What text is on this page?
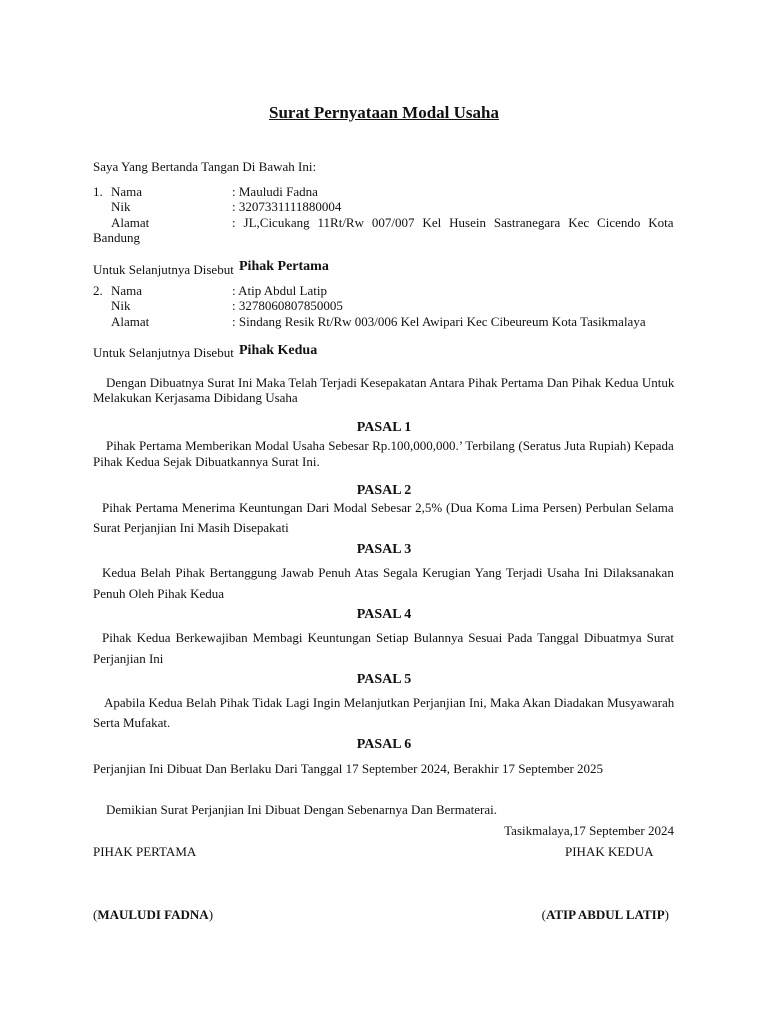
Surat Pernyataan Modal Usaha
Saya Yang Bertanda Tangan Di Bawah Ini:
1. Nama	: Mauludi Fadna
Nik	: 3207331111880004
Alamat	: JL,Cicukang 11Rt/Rw 007/007 Kel Husein Sastranegara Kec Cicendo Kota
Bandung
Untuk Selanjutnya Disebut Pihak Pertama
2. Nama	: Atip Abdul Latip
Nik	: 3278060807850005
Alamat	: Sindang Resik Rt/Rw 003/006 Kel Awipari Kec Cibeureum Kota Tasikmalaya
Untuk Selanjutnya Disebut Pihak Kedua
Dengan Dibuatnya Surat Ini Maka Telah Terjadi Kesepakatan Antara Pihak Pertama Dan Pihak Kedua Untuk
Melakukan Kerjasama Dibidang Usaha
PASAL 1
Pihak Pertama Memberikan Modal Usaha Sebesar Rp.100,000,000.’ Terbilang (Seratus Juta Rupiah) Kepada
Pihak Kedua Sejak Dibuatkannya Surat Ini.
PASAL 2
Pihak Pertama Menerima Keuntungan Dari Modal Sebesar 2,5% (Dua Koma Lima Persen) Perbulan Selama
Surat Perjanjian Ini Masih Disepakati
PASAL 3
Kedua Belah Pihak Bertanggung Jawab Penuh Atas Segala Kerugian Yang Terjadi Usaha Ini Dilaksanakan
Penuh Oleh Pihak Kedua
PASAL 4
Pihak Kedua Berkewajiban Membagi Keuntungan Setiap Bulannya Sesuai Pada Tanggal Dibuatmya Surat
Perjanjian Ini
PASAL 5
Apabila Kedua Belah Pihak Tidak Lagi Ingin Melanjutkan Perjanjian Ini, Maka Akan Diadakan Musyawarah
Serta Mufakat.
PASAL 6
Perjanjian Ini Dibuat Dan Berlaku Dari Tanggal 17 September 2024, Berakhir 17 September 2025
Demikian Surat Perjanjian Ini Dibuat Dengan Sebenarnya Dan Bermaterai.
Tasikmalaya,17 September 2024
PIHAK PERTAMA	PIHAK KEDUA
(MAULUDI FADNA)	(ATIP ABDUL LATIP)
